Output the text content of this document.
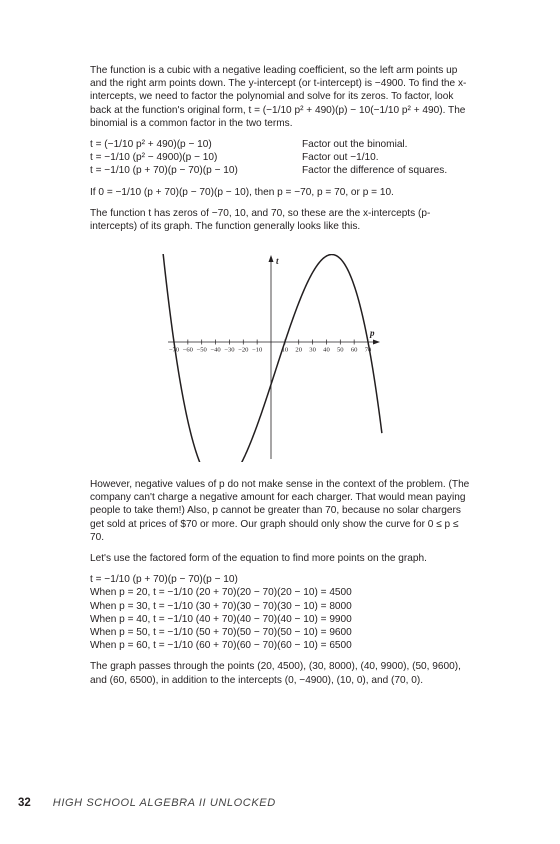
The function is a cubic with a negative leading coefficient, so the left arm points up and the right arm points down. The y-intercept (or t-intercept) is −4900. To find the x-intercepts, we need to factor the polynomial and solve for its zeros. To factor, look back at the function's original form, t = (−1/10 p² + 490)(p) − 10(−1/10 p² + 490). The binomial is a common factor in the two terms.

t = (−1/10 p² + 490)(p − 10)	Factor out the binomial.
t = −1/10 (p² − 4900)(p − 10)	Factor out −1/10.
t = −1/10 (p + 70)(p − 70)(p − 10)	Factor the difference of squares.

If 0 = −1/10 (p + 70)(p − 70)(p − 10), then p = −70, p = 70, or p = 10.

The function t has zeros of −70, 10, and 70, so these are the x-intercepts (p-intercepts) of its graph. The function generally looks like this.

p
t
−70 −60 −50 −40 −30 −20 −10	10 20 30 40 50 60 70

However, negative values of p do not make sense in the context of the problem. (The company can't charge a negative amount for each charger. That would mean paying people to take them!) Also, p cannot be greater than 70, because no solar chargers get sold at prices of $70 or more. Our graph should only show the curve for 0 ≤ p ≤ 70.

Let's use the factored form of the equation to find more points on the graph.

t = −1/10 (p + 70)(p − 70)(p − 10)
When p = 20, t = −1/10 (20 + 70)(20 − 70)(20 − 10) = 4500
When p = 30, t = −1/10 (30 + 70)(30 − 70)(30 − 10) = 8000
When p = 40, t = −1/10 (40 + 70)(40 − 70)(40 − 10) = 9900
When p = 50, t = −1/10 (50 + 70)(50 − 70)(50 − 10) = 9600
When p = 60, t = −1/10 (60 + 70)(60 − 70)(60 − 10) = 6500

The graph passes through the points (20, 4500), (30, 8000), (40, 9900), (50, 9600), and (60, 6500), in addition to the intercepts (0, −4900), (10, 0), and (70, 0).

32 HIGH SCHOOL ALGEBRA II UNLOCKED
